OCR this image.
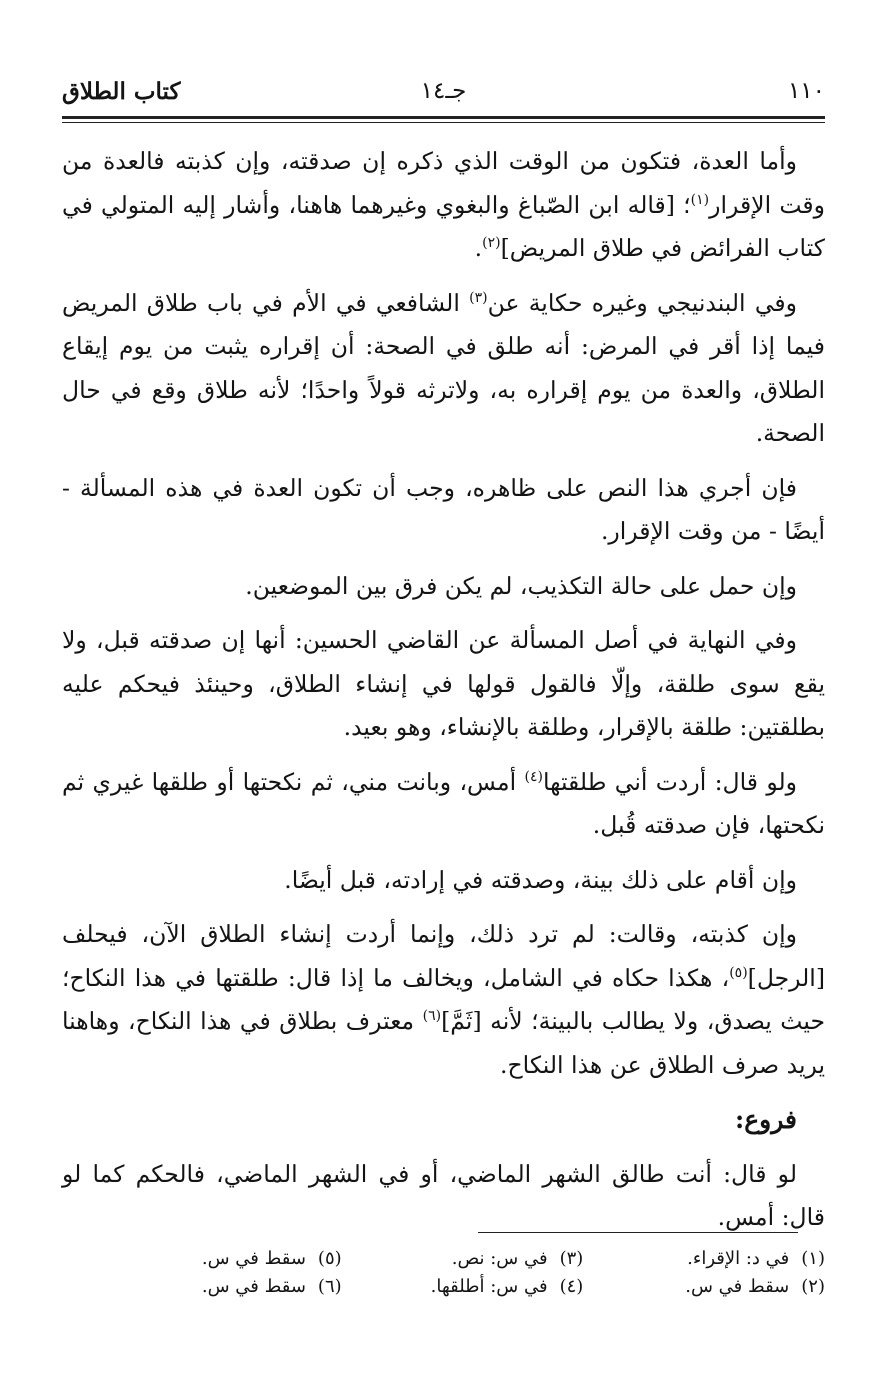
١١٠
جـ١٤
كتاب الطلاق

وأما العدة، فتكون من الوقت الذي ذكره إن صدقته، وإن كذبته فالعدة من وقت الإقرار$^{(١)}$؛ [قاله ابن الصّباغ والبغوي وغيرهما هاهنا، وأشار إليه المتولي في كتاب الفرائض في طلاق المريض]$^{(٢)}$.

وفي البندنيجي وغيره حكاية عن$^{(٣)}$ الشافعي في الأم في باب طلاق المريض فيما إذا أقر في المرض: أنه طلق في الصحة: أن إقراره يثبت من يوم إيقاع الطلاق، والعدة من يوم إقراره به، ولاترثه قولاً واحدًا؛ لأنه طلاق وقع في حال الصحة.

فإن أجري هذا النص على ظاهره، وجب أن تكون العدة في هذه المسألة - أيضًا - من وقت الإقرار.

وإن حمل على حالة التكذيب، لم يكن فرق بين الموضعين.

وفي النهاية في أصل المسألة عن القاضي الحسين: أنها إن صدقته قبل، ولا يقع سوى طلقة، وإلّا فالقول قولها في إنشاء الطلاق، وحينئذ فيحكم عليه بطلقتين: طلقة بالإقرار، وطلقة بالإنشاء، وهو بعيد.

ولو قال: أردت أني طلقتها$^{(٤)}$ أمس، وبانت مني، ثم نكحتها أو طلقها غيري ثم نكحتها، فإن صدقته قُبل.

وإن أقام على ذلك بينة، وصدقته في إرادته، قبل أيضًا.

وإن كذبته، وقالت: لم ترد ذلك، وإنما أردت إنشاء الطلاق الآن، فيحلف [الرجل]$^{(٥)}$، هكذا حكاه في الشامل، ويخالف ما إذا قال: طلقتها في هذا النكاح؛ حيث يصدق، ولا يطالب بالبينة؛ لأنه [ثَمَّ]$^{(٦)}$ معترف بطلاق في هذا النكاح، وهاهنا يريد صرف الطلاق عن هذا النكاح.

فروع:

لو قال: أنت طالق الشهر الماضي، أو في الشهر الماضي، فالحكم كما لو قال: أمس.

(١)في د: الإقراء.
(٣)في س: نص.
(٥)سقط في س.
(٢)سقط في س.
(٤)في س: أطلقها.
(٦)سقط في س.
